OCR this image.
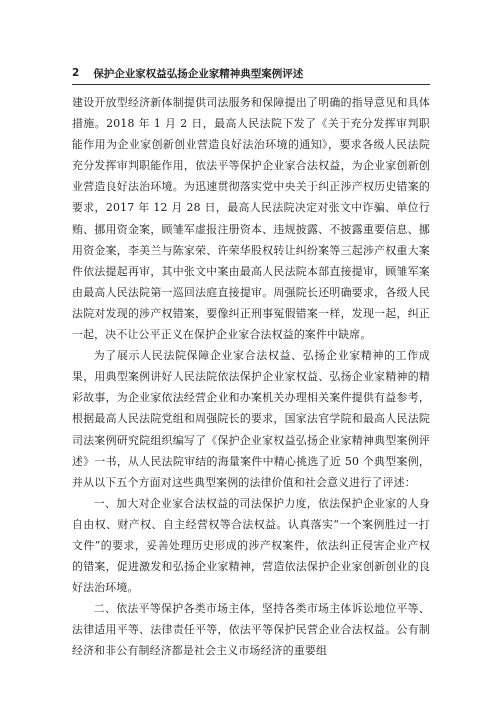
2 保护企业家权益弘扬企业家精神典型案例评述

建设开放型经济新体制提供司法服务和保障提出了明确的指导意见和具体措施。2018 年 1 月 2 日，最高人民法院下发了《关于充分发挥审判职能作用为企业家创新创业营造良好法治环境的通知》，要求各级人民法院充分发挥审判职能作用，依法平等保护企业家合法权益，为企业家创新创业营造良好法治环境。为迅速贯彻落实党中央关于纠正涉产权历史错案的要求，2017 年 12 月 28 日，最高人民法院决定对张文中诈骗、单位行贿、挪用资金案，顾雏军虚报注册资本、违规披露、不披露重要信息、挪用资金案，李美兰与陈家荣、许荣华股权转让纠纷案等三起涉产权重大案件依法提起再审，其中张文中案由最高人民法院本部直接提审，顾雏军案由最高人民法院第一巡回法庭直接提审。周强院长还明确要求，各级人民法院对发现的涉产权错案，要像纠正刑事冤假错案一样，发现一起，纠正一起，决不让公平正义在保护企业家合法权益的案件中缺席。

为了展示人民法院保障企业家合法权益、弘扬企业家精神的工作成果，用典型案例讲好人民法院依法保护企业家权益、弘扬企业家精神的精彩故事，为企业家依法经营企业和办案机关办理相关案件提供有益参考，根据最高人民法院党组和周强院长的要求，国家法官学院和最高人民法院司法案例研究院组织编写了《保护企业家权益弘扬企业家精神典型案例评述》一书，从人民法院审结的海量案件中精心挑选了近 50 个典型案例，并从以下五个方面对这些典型案例的法律价值和社会意义进行了评述：

一、加大对企业家合法权益的司法保护力度，依法保护企业家的人身自由权、财产权、自主经营权等合法权益。认真落实“一个案例胜过一打文件”的要求，妥善处理历史形成的涉产权案件，依法纠正侵害企业产权的错案，促进激发和弘扬企业家精神，营造依法保护企业家创新创业的良好法治环境。

二、依法平等保护各类市场主体，坚持各类市场主体诉讼地位平等、法律适用平等、法律责任平等，依法平等保护民营企业合法权益。公有制经济和非公有制经济都是社会主义市场经济的重要组
